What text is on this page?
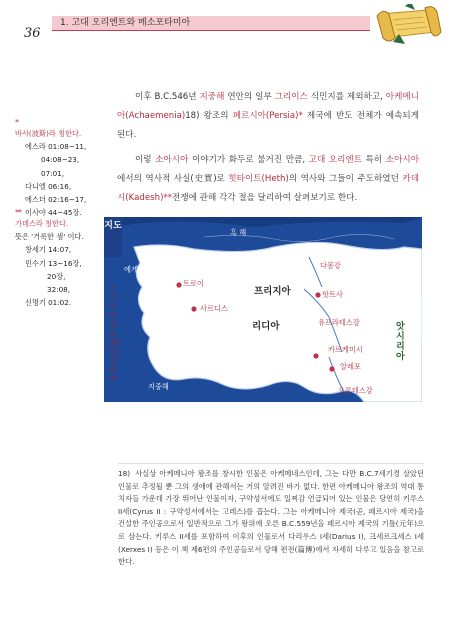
36
1. 고대 오리엔트와 메소포타미아

이후 B.C.546년 지중해 연안의 일부 그리이스 식민지를 제외하고, 아케메니아(Achaemenia)18) 왕조의 페르시아(Persia)* 제국에 반도 전체가 예속되게 된다.

이렇 소아시아 이야기가 화두로 불거진 만큼, 고대 오리엔트 특히 소아시아에서의 역사적 사실(史實)로 힛타이트(Heth)의 역사와 그들이 주도하였던 카데시(Kadesh)**전쟁에 관해 각각 절을 달리하여 살펴보기로 한다.

*
바사(波斯)라 칭한다.
에스라 01:08~11,
04:08~23,
07:01,
다니엘 06:16,
에스더 02:16~17,
이사야 44~45장.
**
가데스라 칭한다.
뜻은 '거룩한 샘' 이다.
창세기 14:07,
민수기 13~16장,
20장,
32:08,
신명기 01:02.
지도
소아시아 영토(領土)의 변천
흑 해
에게해
트로이
사르디스
프리지아
리디아
다봄강
핫트사
유프라테스강
카르케미시
알레포
오론테스강
앗시리아
지중해
18) 사실상 아케메니아 왕조를 창시한 인물은 아케메네스인데, 그는 다만 B.C.7세기경 살았던 인물로 추정될 뿐 그의 생애에 관해서는 거의 알려진 바가 없다. 한편 아케메니아 왕조의 역대 통치자들 가운데 가장 뛰어난 인물이자, 구약성서에도 일찌감 언급되어 있는 인물은 당연히 키루스 II세(Cyrus II : 구약성서에서는 고레스)를 꼽는다. 그는 아케메니아 제국(곧, 페르시아 제국)을 건설한 주인공으로서 일반적으로 그가 왕위에 오른 B.C.559년을 페르시아 제국의 기틀(元年)으로 삼는다. 키루스 II세를 포함하여 이후의 인물로서 다리우스 I세(Darius I), 크세르크세스 I세(Xerxes I) 등은 이 책 제6편의 주인공들로서 당해 편전(篇傳)에서 자세히 다루고 있음을 참고로 한다.
